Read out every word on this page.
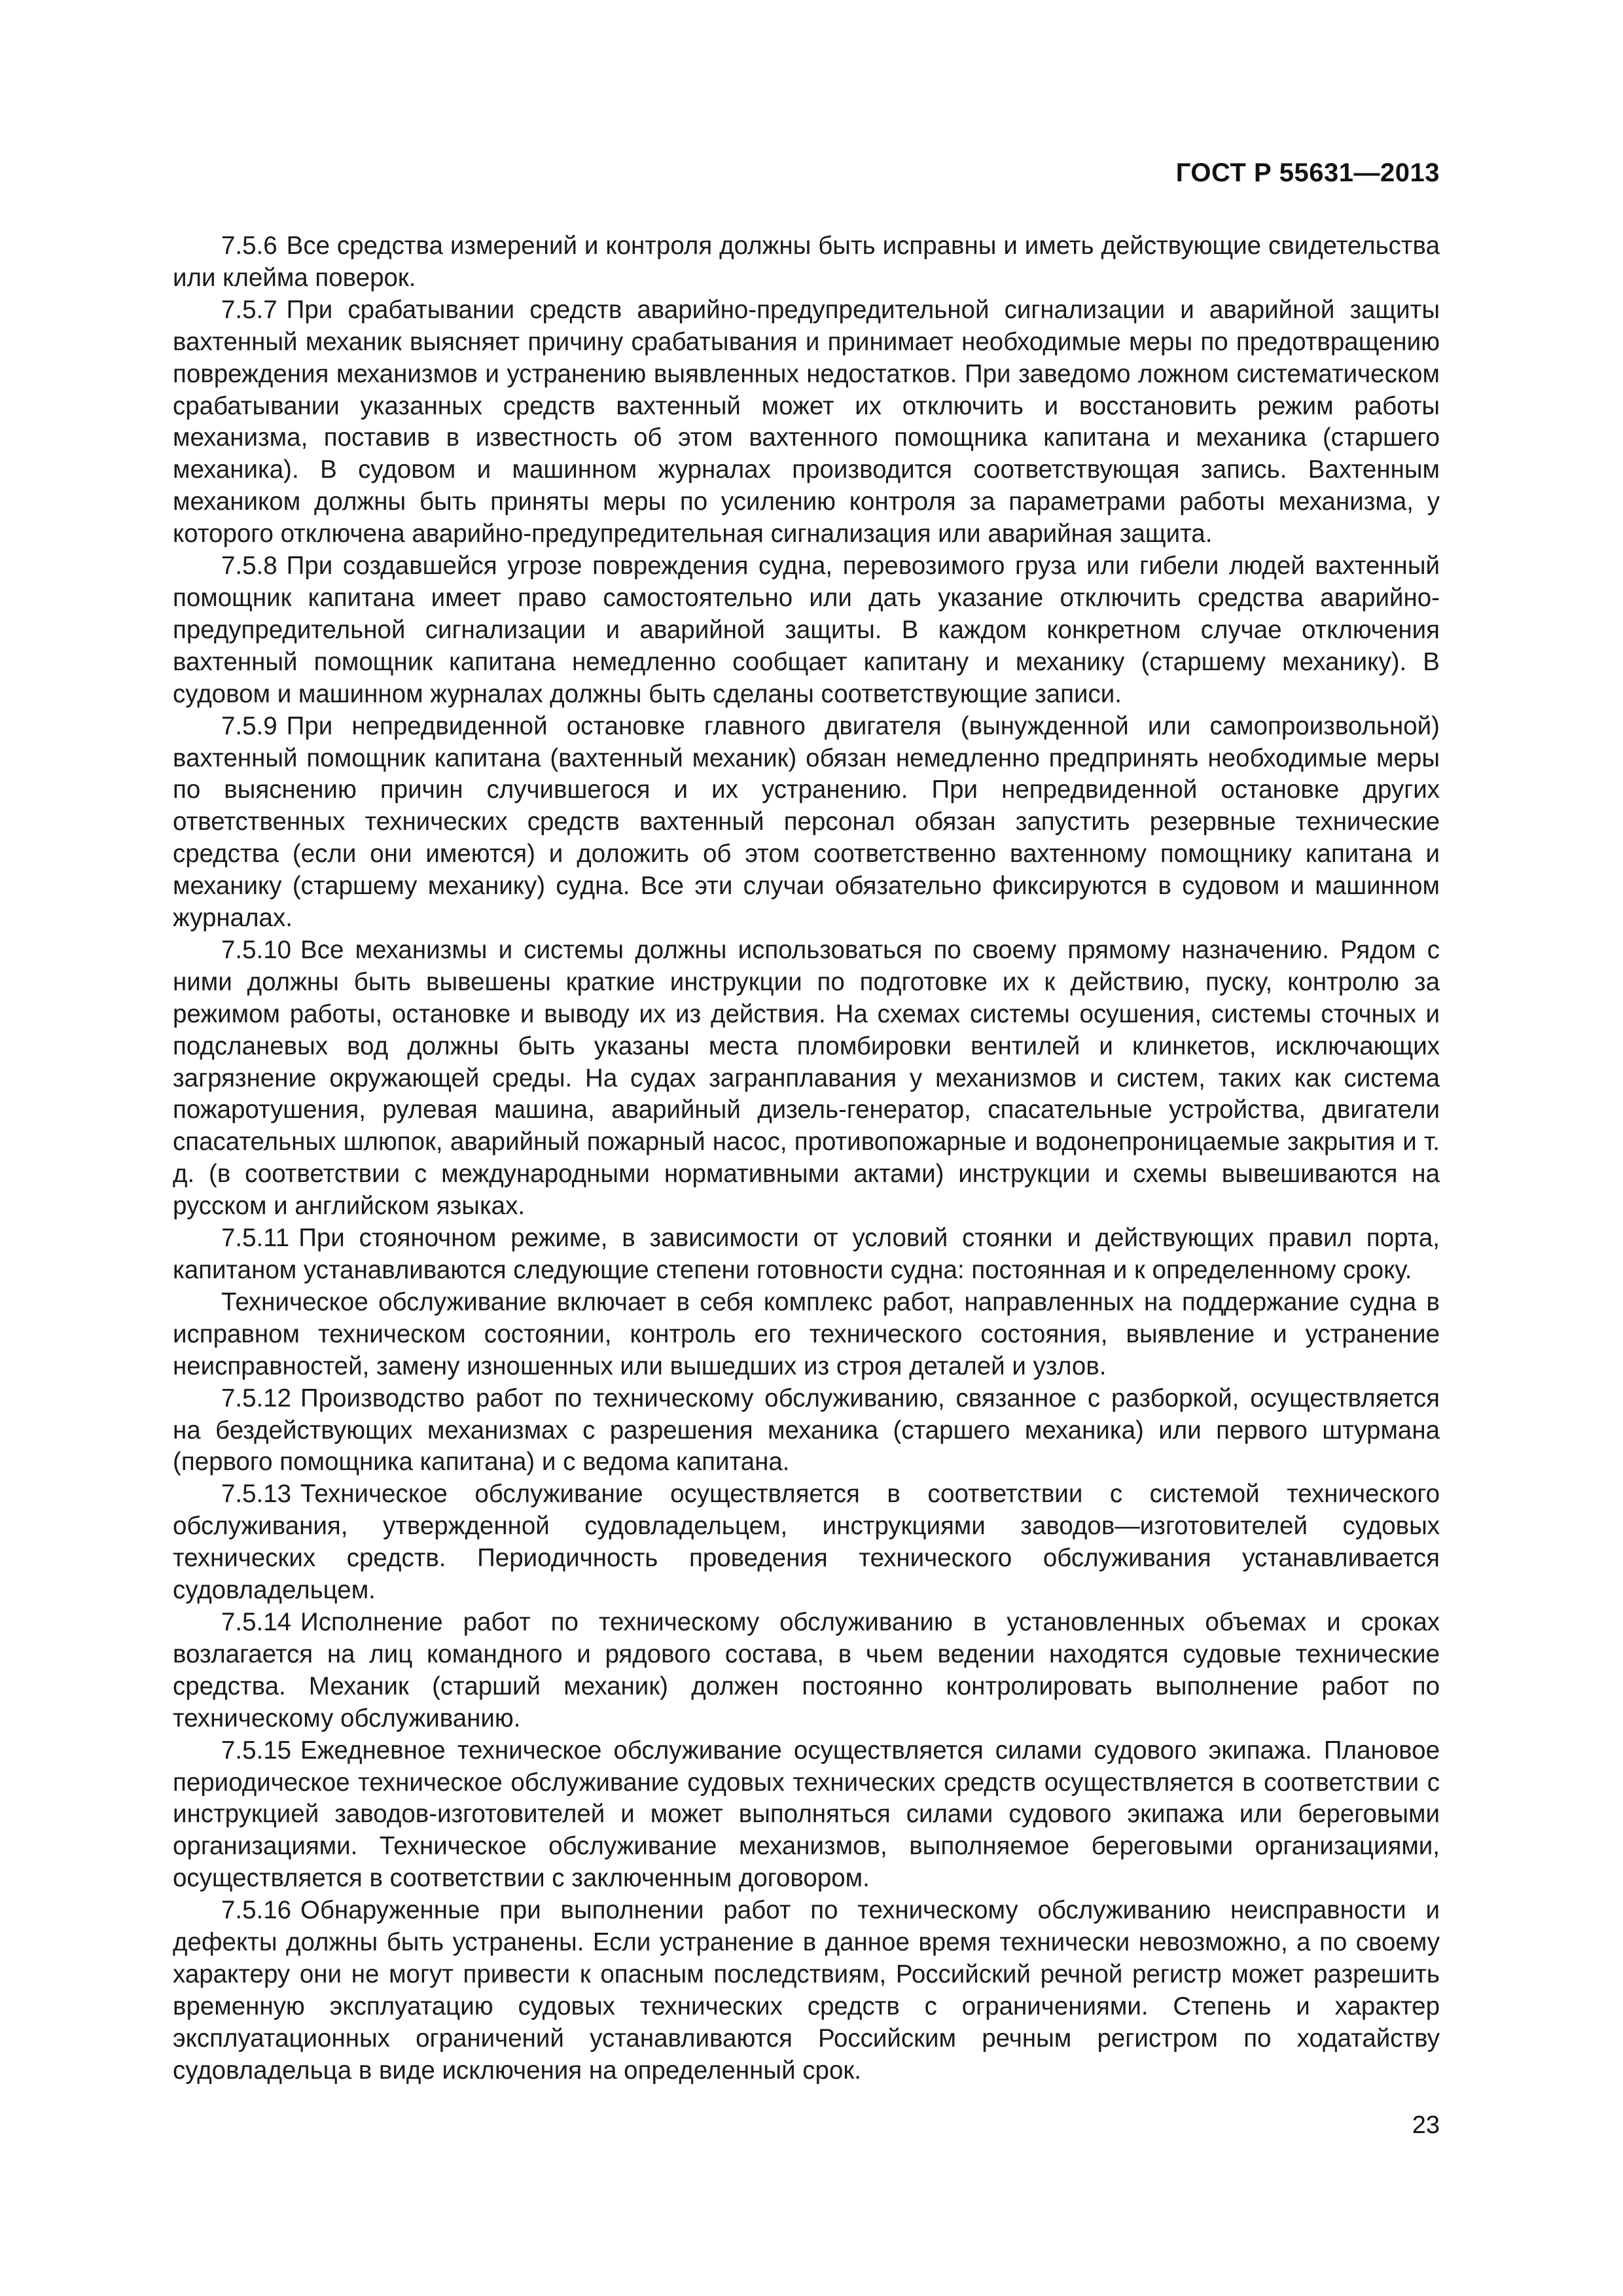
ГОСТ Р 55631—2013

7.5.6 Все средства измерений и контроля должны быть исправны и иметь действующие свидетельства или клейма поверок.

7.5.7 При срабатывании средств аварийно-предупредительной сигнализации и аварийной защиты вахтенный механик выясняет причину срабатывания и принимает необходимые меры по предотвращению повреждения механизмов и устранению выявленных недостатков. При заведомо ложном систематическом срабатывании указанных средств вахтенный может их отключить и восстановить режим работы механизма, поставив в известность об этом вахтенного помощника капитана и механика (старшего механика). В судовом и машинном журналах производится соответствующая запись. Вахтенным механиком должны быть приняты меры по усилению контроля за параметрами работы механизма, у которого отключена аварийно-предупредительная сигнализация или аварийная защита.

7.5.8 При создавшейся угрозе повреждения судна, перевозимого груза или гибели людей вахтенный помощник капитана имеет право самостоятельно или дать указание отключить средства аварийно-предупредительной сигнализации и аварийной защиты. В каждом конкретном случае отключения вахтенный помощник капитана немедленно сообщает капитану и механику (старшему механику). В судовом и машинном журналах должны быть сделаны соответствующие записи.

7.5.9 При непредвиденной остановке главного двигателя (вынужденной или самопроизвольной) вахтенный помощник капитана (вахтенный механик) обязан немедленно предпринять необходимые меры по выяснению причин случившегося и их устранению. При непредвиденной остановке других ответственных технических средств вахтенный персонал обязан запустить резервные технические средства (если они имеются) и доложить об этом соответственно вахтенному помощнику капитана и механику (старшему механику) судна. Все эти случаи обязательно фиксируются в судовом и машинном журналах.

7.5.10 Все механизмы и системы должны использоваться по своему прямому назначению. Рядом с ними должны быть вывешены краткие инструкции по подготовке их к действию, пуску, контролю за режимом работы, остановке и выводу их из действия. На схемах системы осушения, системы сточных и подсланевых вод должны быть указаны места пломбировки вентилей и клинкетов, исключающих загрязнение окружающей среды. На судах загранплавания у механизмов и систем, таких как система пожаротушения, рулевая машина, аварийный дизель-генератор, спасательные устройства, двигатели спасательных шлюпок, аварийный пожарный насос, противопожарные и водонепроницаемые закрытия и т. д. (в соответствии с международными нормативными актами) инструкции и схемы вывешиваются на русском и английском языках.

7.5.11 При стояночном режиме, в зависимости от условий стоянки и действующих правил порта, капитаном устанавливаются следующие степени готовности судна: постоянная и к определенному сроку.

Техническое обслуживание включает в себя комплекс работ, направленных на поддержание судна в исправном техническом состоянии, контроль его технического состояния, выявление и устранение неисправностей, замену изношенных или вышедших из строя деталей и узлов.

7.5.12 Производство работ по техническому обслуживанию, связанное с разборкой, осуществляется на бездействующих механизмах с разрешения механика (старшего механика) или первого штурмана (первого помощника капитана) и с ведома капитана.

7.5.13 Техническое обслуживание осуществляется в соответствии с системой технического обслуживания, утвержденной судовладельцем, инструкциями заводов—изготовителей судовых технических средств. Периодичность проведения технического обслуживания устанавливается судовладельцем.

7.5.14 Исполнение работ по техническому обслуживанию в установленных объемах и сроках возлагается на лиц командного и рядового состава, в чьем ведении находятся судовые технические средства. Механик (старший механик) должен постоянно контролировать выполнение работ по техническому обслуживанию.

7.5.15 Ежедневное техническое обслуживание осуществляется силами судового экипажа. Плановое периодическое техническое обслуживание судовых технических средств осуществляется в соответствии с инструкцией заводов-изготовителей и может выполняться силами судового экипажа или береговыми организациями. Техническое обслуживание механизмов, выполняемое береговыми организациями, осуществляется в соответствии с заключенным договором.

7.5.16 Обнаруженные при выполнении работ по техническому обслуживанию неисправности и дефекты должны быть устранены. Если устранение в данное время технически невозможно, а по своему характеру они не могут привести к опасным последствиям, Российский речной регистр может разрешить временную эксплуатацию судовых технических средств с ограничениями. Степень и характер эксплуатационных ограничений устанавливаются Российским речным регистром по ходатайству судовладельца в виде исключения на определенный срок.

23
